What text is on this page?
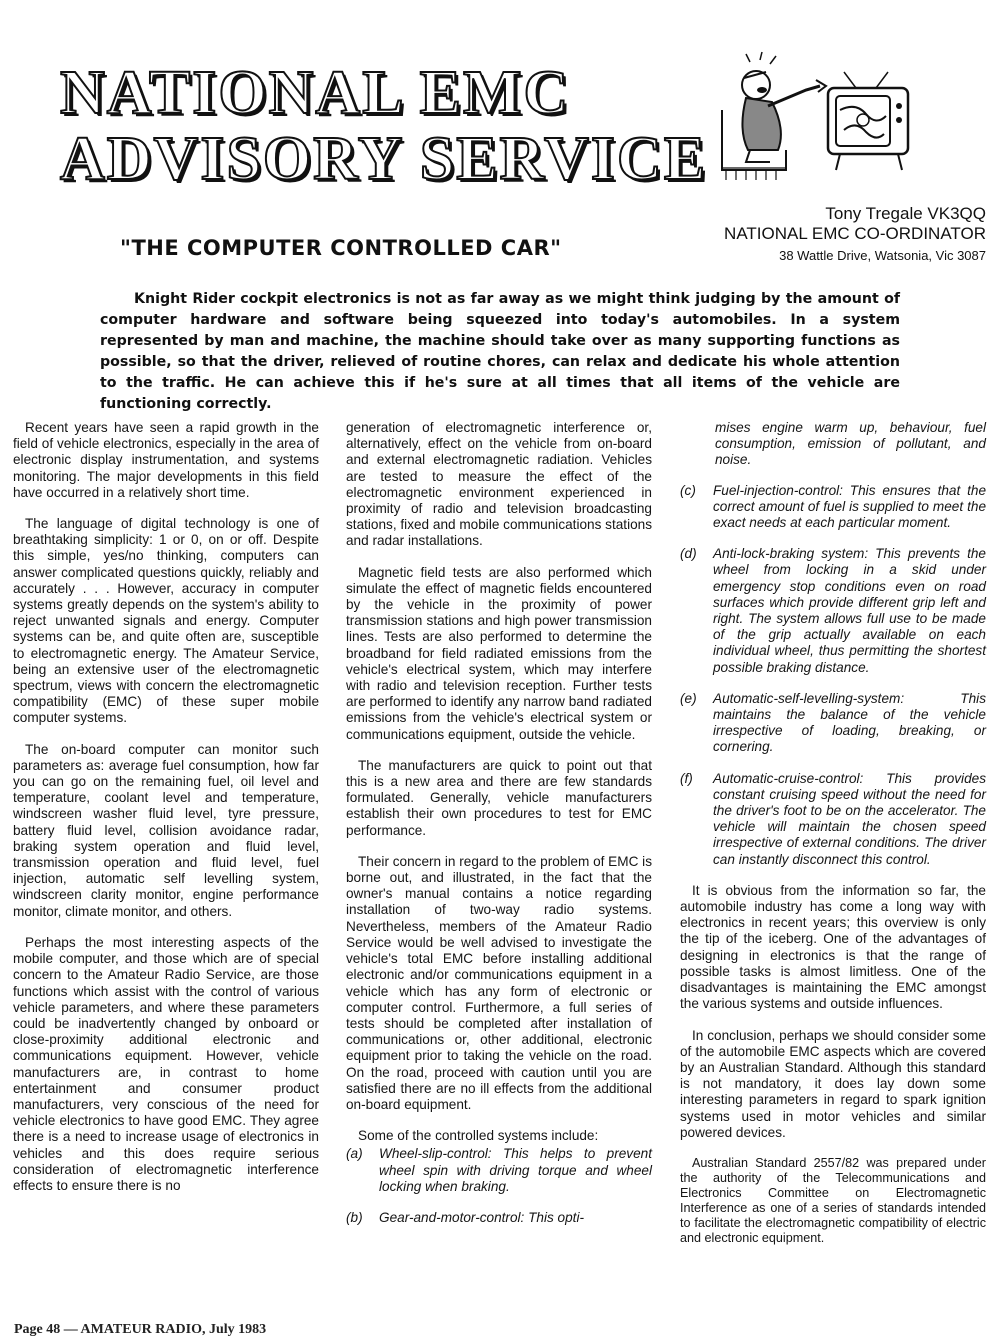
NATIONAL EMC
ADVISORY SERVICE
Tony Tregale VK3QQ
NATIONAL EMC CO-ORDINATOR
38 Wattle Drive, Watsonia, Vic 3087
"THE COMPUTER CONTROLLED CAR"

Knight Rider cockpit electronics is not as far away as we might think judging by the amount of computer hardware and software being squeezed into today's automobiles. In a system represented by man and machine, the machine should take over as many supporting functions as possible, so that the driver, relieved of routine chores, can relax and dedicate his whole attention to the traffic. He can achieve this if he's sure at all times that all items of the vehicle are functioning correctly.

Recent years have seen a rapid growth in the field of vehicle electronics, especially in the area of electronic display instrumentation, and systems monitoring. The major developments in this field have occurred in a relatively short time.

The language of digital technology is one of breathtaking simplicity: 1 or 0, on or off. Despite this simple, yes/no thinking, computers can answer complicated questions quickly, reliably and accurately . . . However, accuracy in computer systems greatly depends on the system's ability to reject unwanted signals and energy. Computer systems can be, and quite often are, susceptible to electromagnetic energy. The Amateur Service, being an extensive user of the electromagnetic spectrum, views with concern the electromagnetic compatibility (EMC) of these super mobile computer systems.

The on-board computer can monitor such parameters as: average fuel consumption, how far you can go on the remaining fuel, oil level and temperature, coolant level and temperature, windscreen washer fluid level, tyre pressure, battery fluid level, collision avoidance radar, braking system operation and fluid level, transmission operation and fluid level, fuel injection, automatic self levelling system, windscreen clarity monitor, engine performance monitor, climate monitor, and others.

Perhaps the most interesting aspects of the mobile computer, and those which are of special concern to the Amateur Radio Service, are those functions which assist with the control of various vehicle parameters, and where these parameters could be inadvertently changed by onboard or close-proximity additional electronic and communications equipment. However, vehicle manufacturers are, in contrast to home entertainment and consumer product manufacturers, very conscious of the need for vehicle electronics to have good EMC. They agree there is a need to increase usage of electronics in vehicles and this does require serious consideration of electromagnetic interference effects to ensure there is no

generation of electromagnetic interference or, alternatively, effect on the vehicle from on-board and external electromagnetic radiation. Vehicles are tested to measure the effect of the electromagnetic environment experienced in proximity of radio and television broadcasting stations, fixed and mobile communications stations and radar installations.

Magnetic field tests are also performed which simulate the effect of magnetic fields encountered by the vehicle in the proximity of power transmission stations and high power transmission lines. Tests are also performed to determine the broadband for field radiated emissions from the vehicle's electrical system, which may interfere with radio and television reception. Further tests are performed to identify any narrow band radiated emissions from the vehicle's electrical system or communications equipment, outside the vehicle.

The manufacturers are quick to point out that this is a new area and there are few standards formulated. Generally, vehicle manufacturers establish their own procedures to test for EMC performance.

Their concern in regard to the problem of EMC is borne out, and illustrated, in the fact that the owner's manual contains a notice regarding installation of two-way radio systems. Nevertheless, members of the Amateur Radio Service would be well advised to investigate the vehicle's total EMC before installing additional electronic and/or communications equipment in a vehicle which has any form of electronic or computer control. Furthermore, a full series of tests should be completed after installation of communications or, other additional, electronic equipment prior to taking the vehicle on the road. On the road, proceed with caution until you are satisfied there are no ill effects from the additional on-board equipment.

Some of the controlled systems include:

(a)	Wheel-slip-control: This helps to prevent wheel spin with driving torque and wheel locking when braking.
(b)	Gear-and-motor-control: This opti-
mises engine warm up, behaviour, fuel consumption, emission of pollutant, and noise.
(c)	Fuel-injection-control: This ensures that the correct amount of fuel is supplied to meet the exact needs at each particular moment.
(d)	Anti-lock-braking system: This prevents the wheel from locking in a skid under emergency stop conditions even on road surfaces which provide different grip left and right. The system allows full use to be made of the grip actually available on each individual wheel, thus permitting the shortest possible braking distance.
(e)	Automatic-self-levelling-system: This maintains the balance of the vehicle irrespective of loading, breaking, or cornering.
(f)	Automatic-cruise-control: This provides constant cruising speed without the need for the driver's foot to be on the accelerator. The vehicle will maintain the chosen speed irrespective of external conditions. The driver can instantly disconnect this control.

It is obvious from the information so far, the automobile industry has come a long way with electronics in recent years; this overview is only the tip of the iceberg. One of the advantages of designing in electronics is that the range of possible tasks is almost limitless. One of the disadvantages is maintaining the EMC amongst the various systems and outside influences.

In conclusion, perhaps we should consider some of the automobile EMC aspects which are covered by an Australian Standard. Although this standard is not mandatory, it does lay down some interesting parameters in regard to spark ignition systems used in motor vehicles and similar powered devices.

Australian Standard 2557/82 was prepared under the authority of the Telecommunications and Electronics Committee on Electromagnetic Interference as one of a series of standards intended to facilitate the electromagnetic compatibility of electric and electronic equipment.

Page 48 — AMATEUR RADIO, July 1983
